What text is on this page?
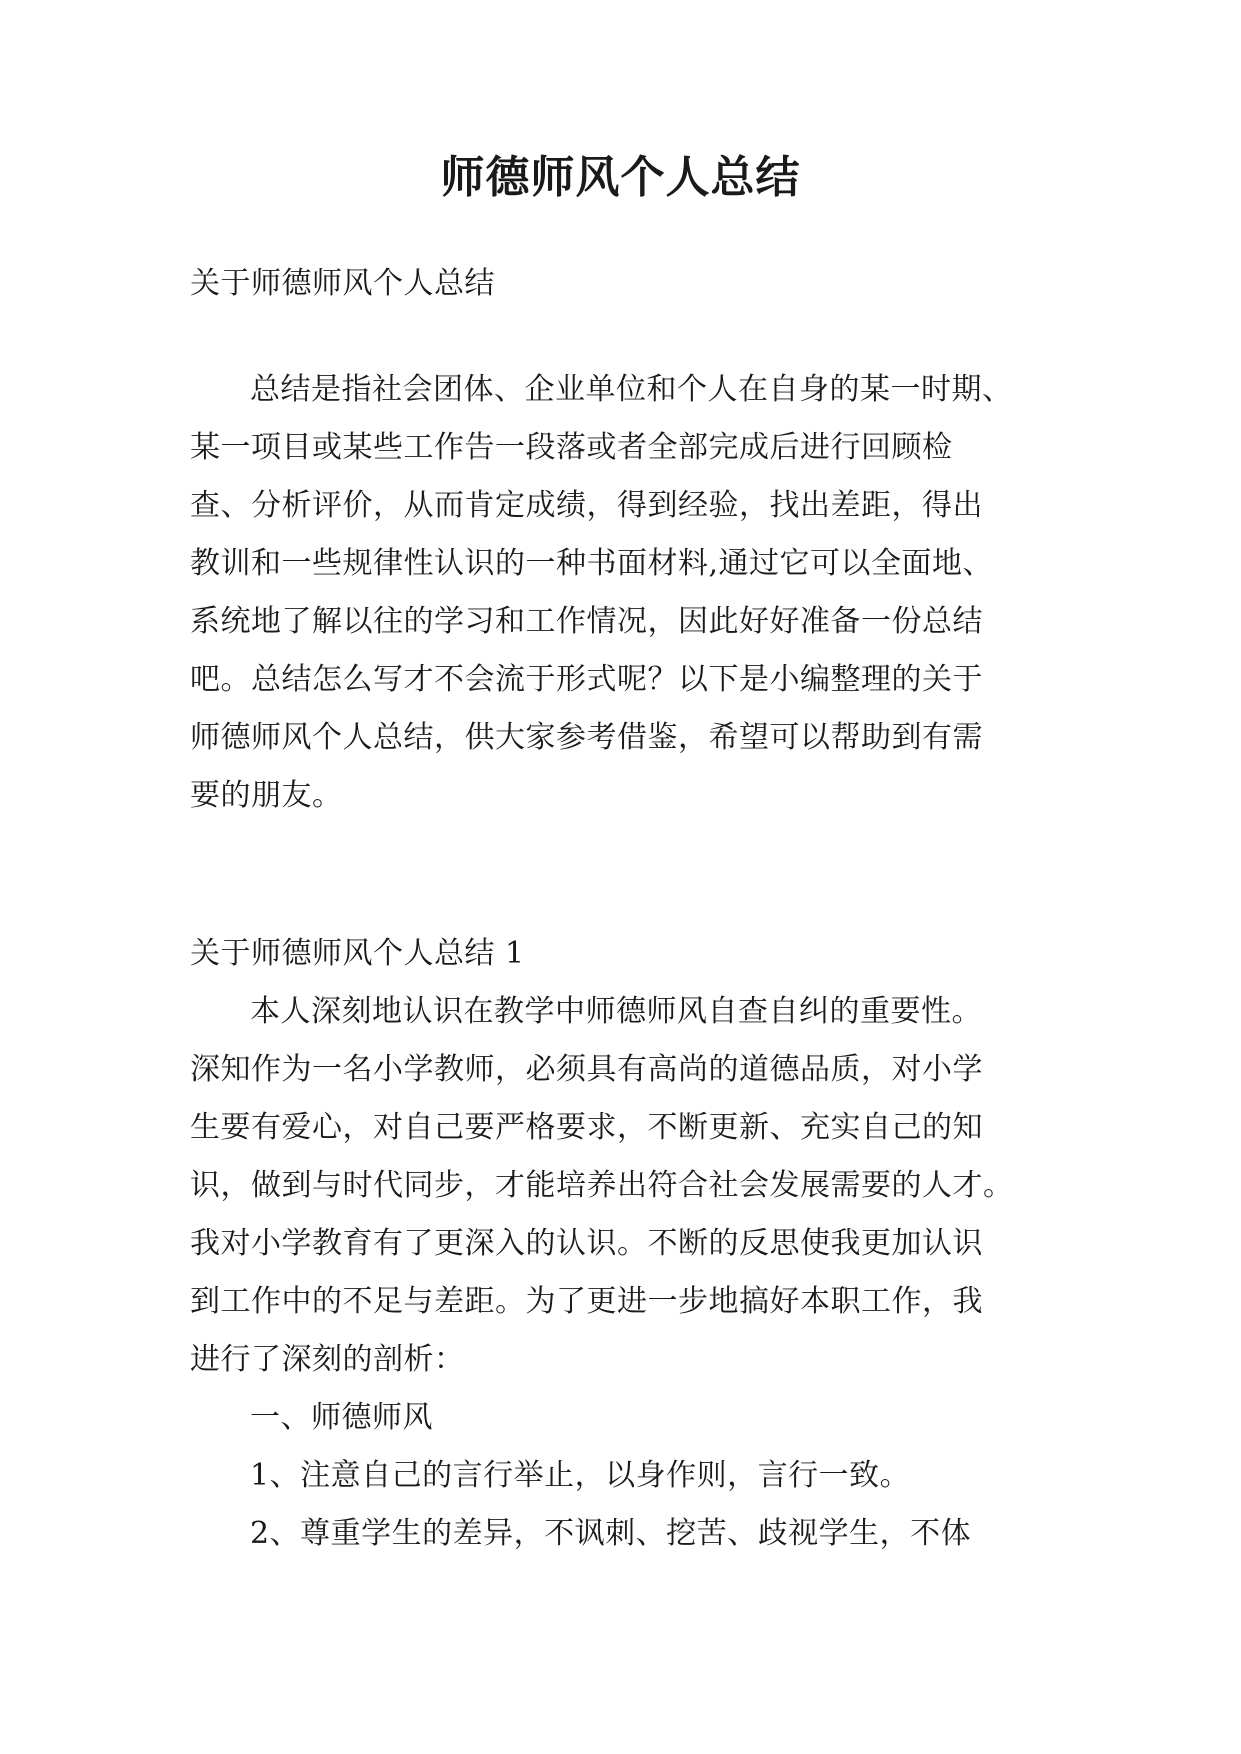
师德师风个人总结
关于师德师风个人总结
总结是指社会团体、企业单位和个人在自身的某一时期、
某一项目或某些工作告一段落或者全部完成后进行回顾检
查、分析评价，从而肯定成绩，得到经验，找出差距，得出
教训和一些规律性认识的一种书面材料,通过它可以全面地、
系统地了解以往的学习和工作情况，因此好好准备一份总结
吧。总结怎么写才不会流于形式呢？以下是小编整理的关于
师德师风个人总结，供大家参考借鉴，希望可以帮助到有需
要的朋友。
关于师德师风个人总结 1
本人深刻地认识在教学中师德师风自查自纠的重要性。
深知作为一名小学教师，必须具有高尚的道德品质，对小学
生要有爱心，对自己要严格要求，不断更新、充实自己的知
识，做到与时代同步，才能培养出符合社会发展需要的人才。
我对小学教育有了更深入的认识。不断的反思使我更加认识
到工作中的不足与差距。为了更进一步地搞好本职工作，我
进行了深刻的剖析：
一、师德师风
1、注意自己的言行举止，以身作则，言行一致。
2、尊重学生的差异，不讽刺、挖苦、歧视学生，不体
